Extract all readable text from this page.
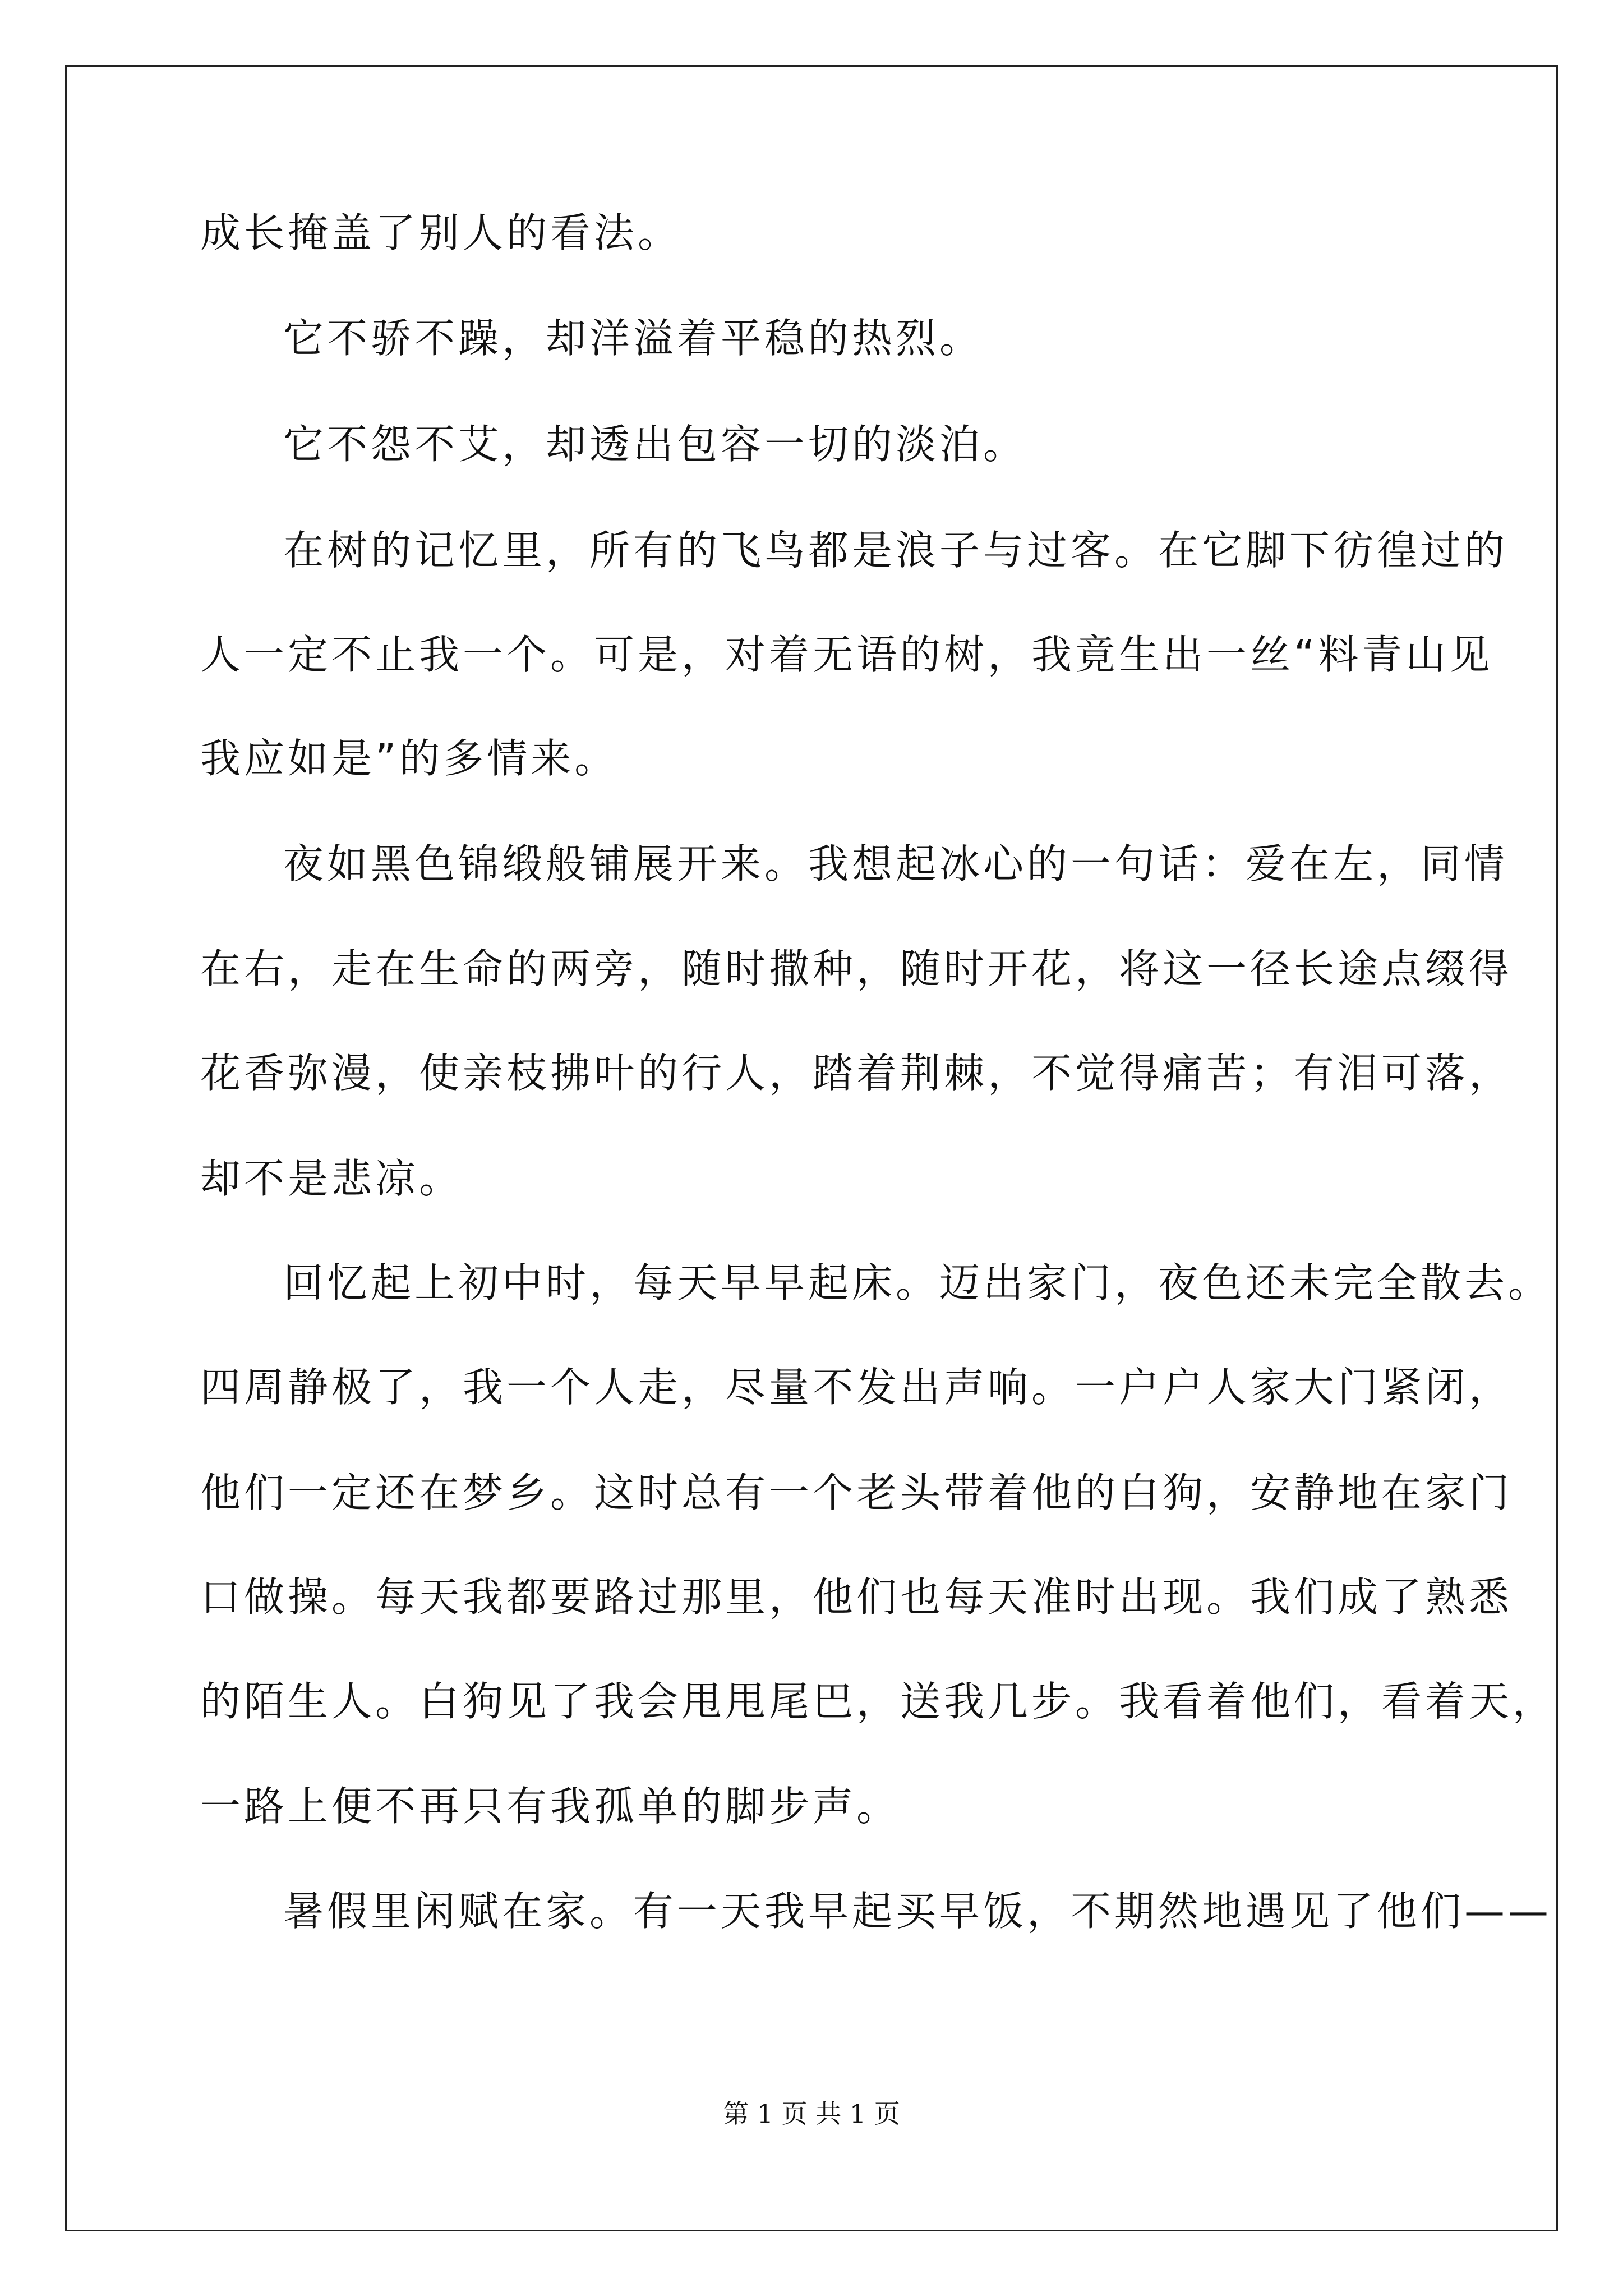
成长掩盖了别人的看法。
它不骄不躁，却洋溢着平稳的热烈。
它不怨不艾，却透出包容一切的淡泊。
在树的记忆里，所有的飞鸟都是浪子与过客。在它脚下彷徨过的
人一定不止我一个。可是，对着无语的树，我竟生出一丝“料青山见
我应如是”的多情来。
夜如黑色锦缎般铺展开来。我想起冰心的一句话：爱在左，同情
在右，走在生命的两旁，随时撒种，随时开花，将这一径长途点缀得
花香弥漫，使亲枝拂叶的行人，踏着荆棘，不觉得痛苦；有泪可落，
却不是悲凉。
回忆起上初中时，每天早早起床。迈出家门，夜色还未完全散去。
四周静极了，我一个人走，尽量不发出声响。一户户人家大门紧闭，
他们一定还在梦乡。这时总有一个老头带着他的白狗，安静地在家门
口做操。每天我都要路过那里，他们也每天准时出现。我们成了熟悉
的陌生人。白狗见了我会甩甩尾巴，送我几步。我看着他们，看着天，
一路上便不再只有我孤单的脚步声。
暑假里闲赋在家。有一天我早起买早饭，不期然地遇见了他们——
第 1 页 共 1 页
